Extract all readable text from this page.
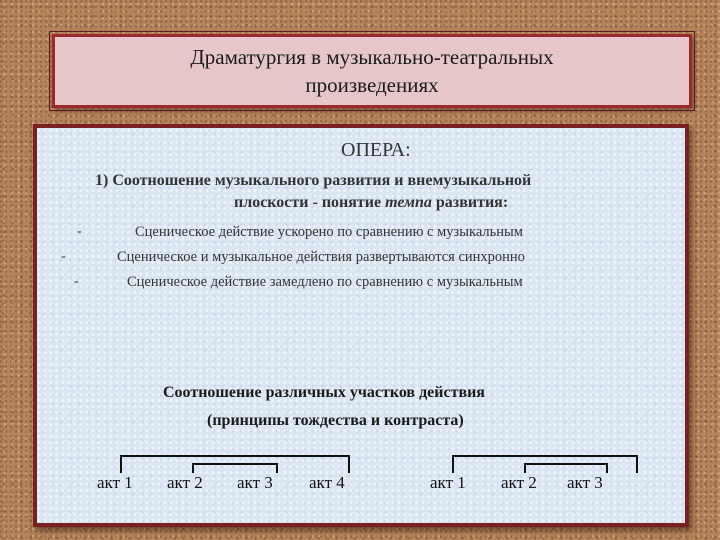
Драматургия в музыкально-театральных
произведениях
ОПЕРА:
1) Соотношение музыкального развития и внемузыкальной
плоскости - понятие темпа развития:
-	Сценическое действие ускорено по сравнению с музыкальным
-	Сценическое и музыкальное действия развертываются синхронно
-	Сценическое действие замедлено по сравнению с музыкальным
Соотношение различных участков действия
(принципы тождества и контраста)
акт 1 акт 2 акт 3 акт 4	акт 1 акт 2 акт 3
